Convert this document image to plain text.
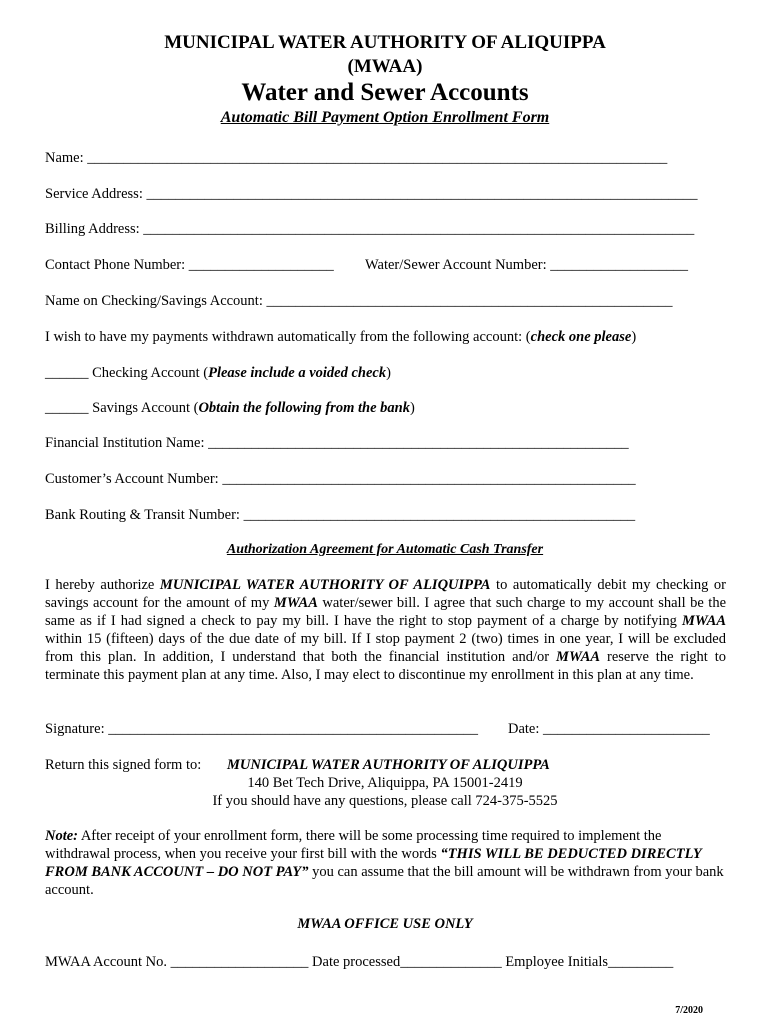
MUNICIPAL WATER AUTHORITY OF ALIQUIPPA
(MWAA)
Water and Sewer Accounts
Automatic Bill Payment Option Enrollment Form
Name: ________________________________________________________________________________
Service Address: ____________________________________________________________________________
Billing Address: ____________________________________________________________________________
Contact Phone Number: ____________________ Water/Sewer Account Number: ___________________
Name on Checking/Savings Account: ________________________________________________________
I wish to have my payments withdrawn automatically from the following account: (check one please)
______ Checking Account (Please include a voided check)
______ Savings Account (Obtain the following from the bank)
Financial Institution Name: __________________________________________________________
Customer’s Account Number: _________________________________________________________
Bank Routing & Transit Number: ______________________________________________________
Authorization Agreement for Automatic Cash Transfer
I hereby authorize MUNICIPAL WATER AUTHORITY OF ALIQUIPPA to automatically debit my checking or savings account for the amount of my MWAA water/sewer bill. I agree that such charge to my account shall be the same as if I had signed a check to pay my bill. I have the right to stop payment of a charge by notifying MWAA within 15 (fifteen) days of the due date of my bill. If I stop payment 2 (two) times in one year, I will be excluded from this plan. In addition, I understand that both the financial institution and/or MWAA reserve the right to terminate this payment plan at any time. Also, I may elect to discontinue my enrollment in this plan at any time.
Signature: ___________________________________________________ Date: _______________________
Return this signed form to: MUNICIPAL WATER AUTHORITY OF ALIQUIPPA
140 Bet Tech Drive, Aliquippa, PA 15001-2419
If you should have any questions, please call 724-375-5525
Note: After receipt of your enrollment form, there will be some processing time required to implement the withdrawal process, when you receive your first bill with the words “THIS WILL BE DEDUCTED DIRECTLY FROM BANK ACCOUNT – DO NOT PAY” you can assume that the bill amount will be withdrawn from your bank account.
MWAA OFFICE USE ONLY
MWAA Account No. ___________________ Date processed______________ Employee Initials_________
7/2020
